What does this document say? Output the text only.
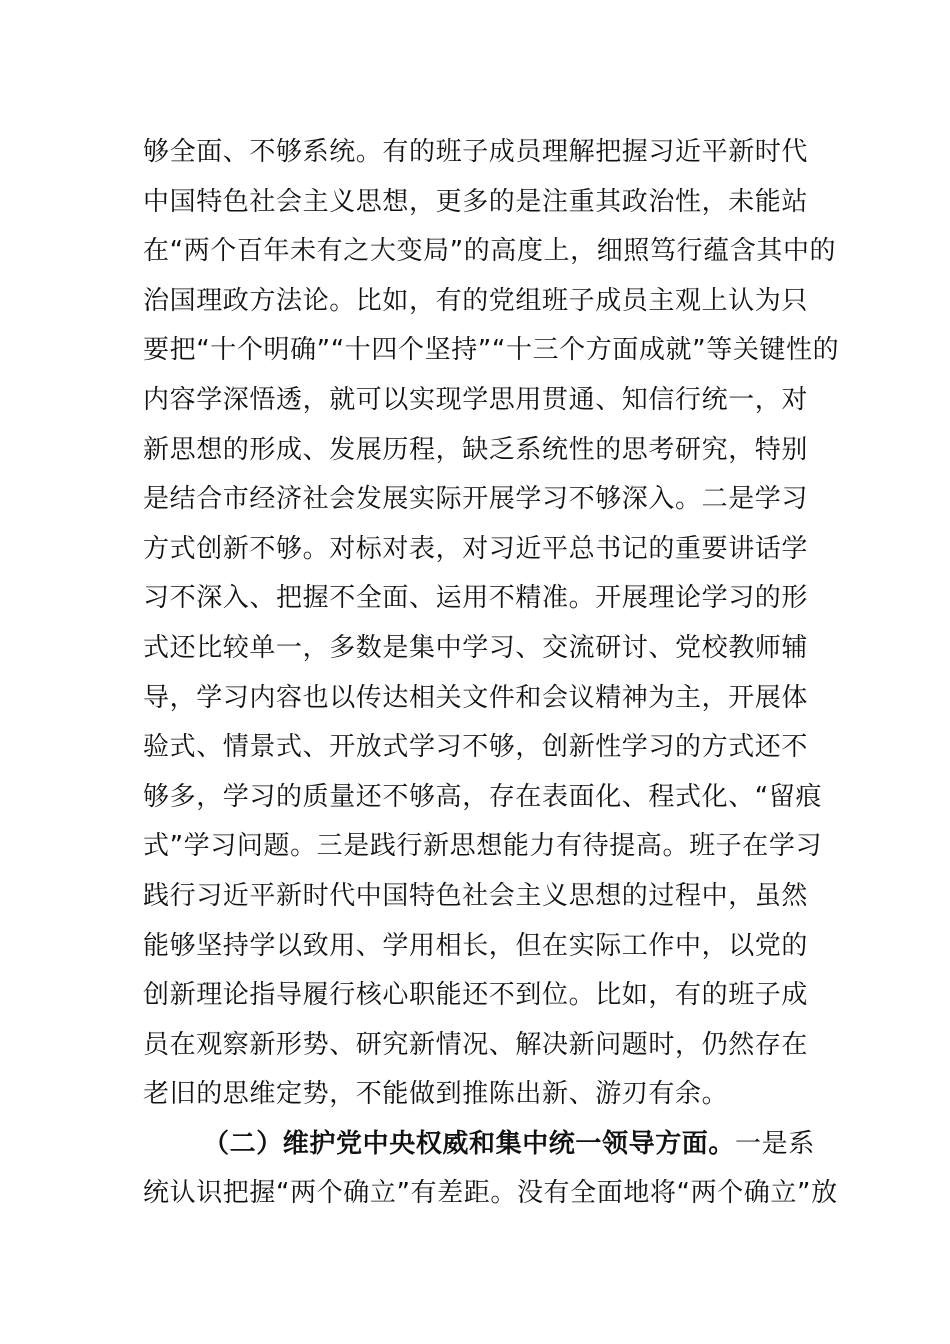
够全面、不够系统。有的班子成员理解把握习近平新时代
中国特色社会主义思想，更多的是注重其政治性，未能站
在“两个百年未有之大变局”的高度上，细照笃行蕴含其中的
治国理政方法论。比如，有的党组班子成员主观上认为只
要把“十个明确”“十四个坚持”“十三个方面成就”等关键性的
内容学深悟透，就可以实现学思用贯通、知信行统一，对
新思想的形成、发展历程，缺乏系统性的思考研究，特别
是结合市经济社会发展实际开展学习不够深入。二是学习
方式创新不够。对标对表，对习近平总书记的重要讲话学
习不深入、把握不全面、运用不精准。开展理论学习的形
式还比较单一，多数是集中学习、交流研讨、党校教师辅
导，学习内容也以传达相关文件和会议精神为主，开展体
验式、情景式、开放式学习不够，创新性学习的方式还不
够多，学习的质量还不够高，存在表面化、程式化、“留痕
式”学习问题。三是践行新思想能力有待提高。班子在学习
践行习近平新时代中国特色社会主义思想的过程中，虽然
能够坚持学以致用、学用相长，但在实际工作中，以党的
创新理论指导履行核心职能还不到位。比如，有的班子成
员在观察新形势、研究新情况、解决新问题时，仍然存在
老旧的思维定势，不能做到推陈出新、游刃有余。
（二）维护党中央权威和集中统一领导方面。一是系
统认识把握“两个确立”有差距。没有全面地将“两个确立”放
